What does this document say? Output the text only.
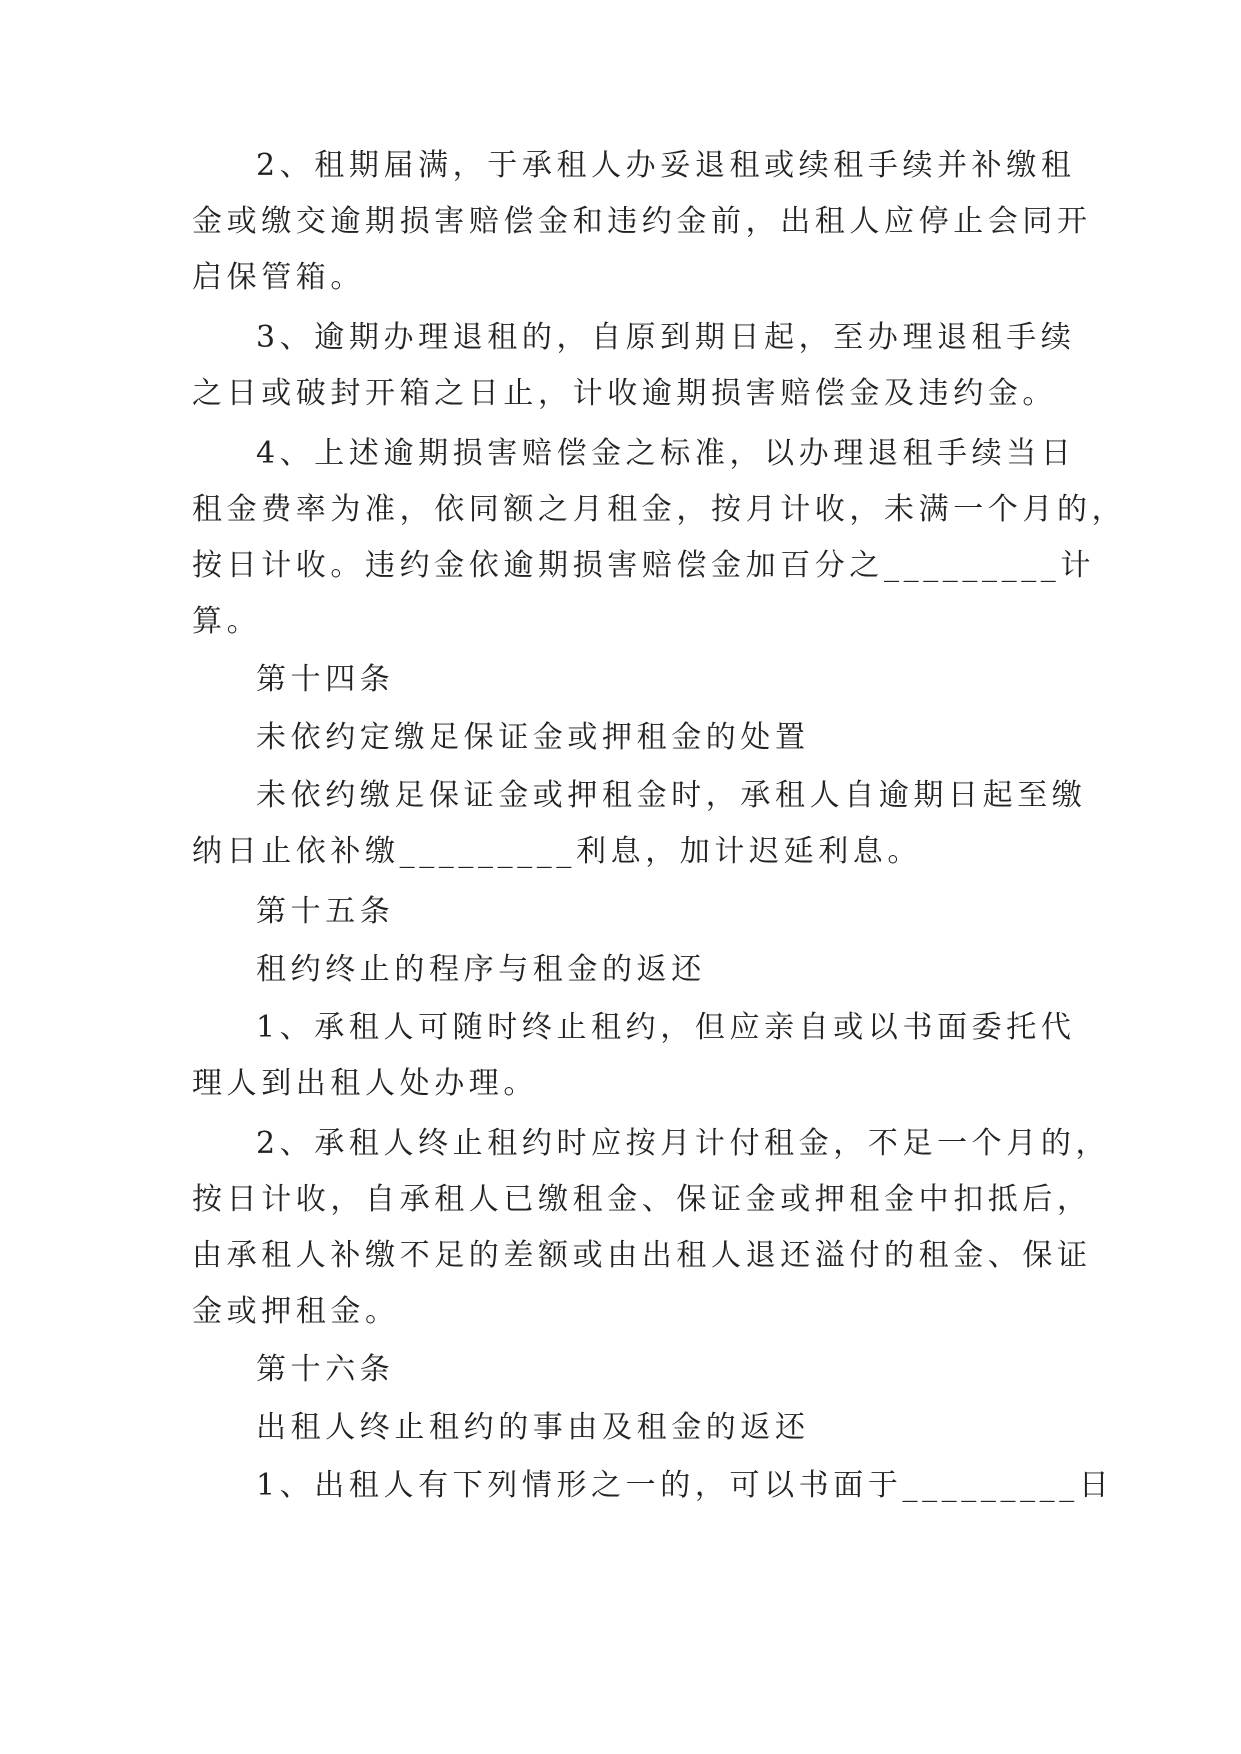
2、租期届满，于承租人办妥退租或续租手续并补缴租
金或缴交逾期损害赔偿金和违约金前，出租人应停止会同开
启保管箱。
3、逾期办理退租的，自原到期日起，至办理退租手续
之日或破封开箱之日止，计收逾期损害赔偿金及违约金。
4、上述逾期损害赔偿金之标准，以办理退租手续当日
租金费率为准，依同额之月租金，按月计收，未满一个月的，
按日计收。违约金依逾期损害赔偿金加百分之_________计
算。
第十四条
未依约定缴足保证金或押租金的处置
未依约缴足保证金或押租金时，承租人自逾期日起至缴
纳日止依补缴_________利息，加计迟延利息。
第十五条
租约终止的程序与租金的返还
1、承租人可随时终止租约，但应亲自或以书面委托代
理人到出租人处办理。
2、承租人终止租约时应按月计付租金，不足一个月的，
按日计收，自承租人已缴租金、保证金或押租金中扣抵后，
由承租人补缴不足的差额或由出租人退还溢付的租金、保证
金或押租金。
第十六条
出租人终止租约的事由及租金的返还
1、出租人有下列情形之一的，可以书面于_________日
